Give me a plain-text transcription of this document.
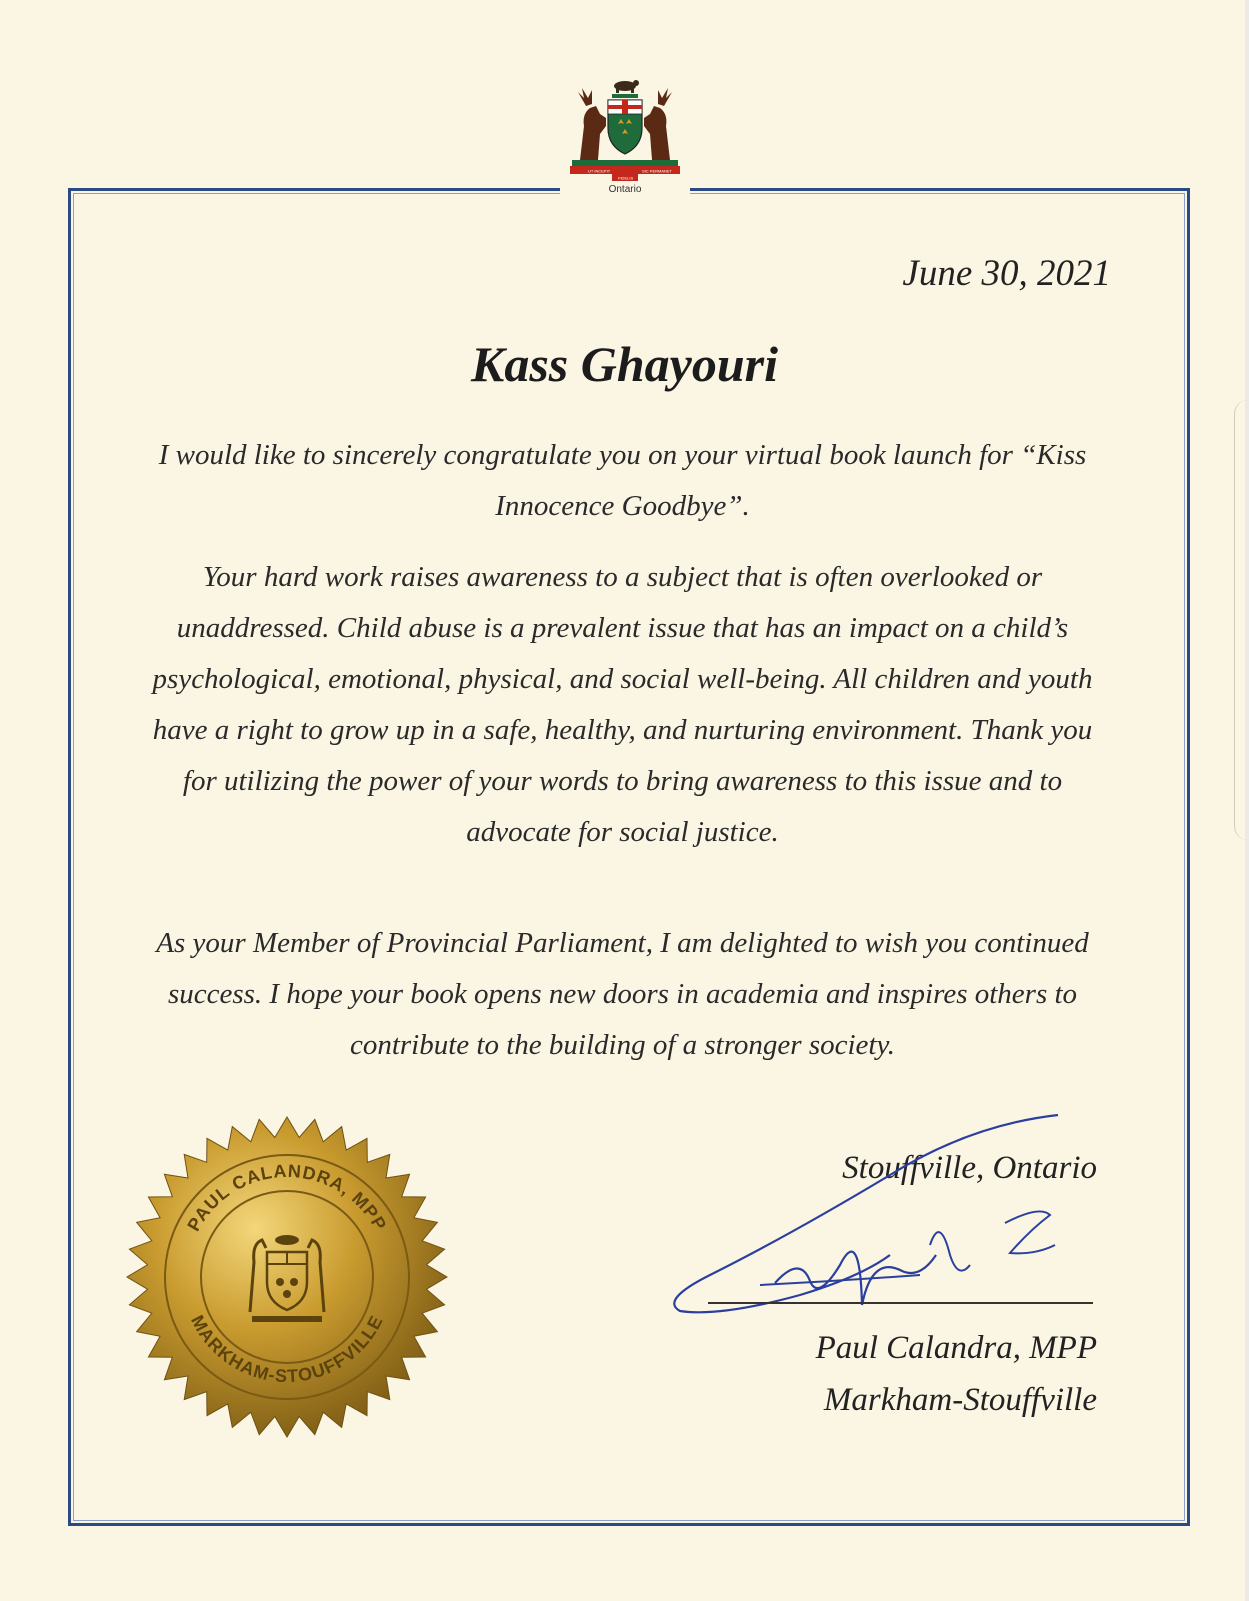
UT INCEPIT	SIC PERMANET
FIDELIS
Ontario
June 30, 2021
Kass Ghayouri
I would like to sincerely congratulate you on your virtual book launch for “Kiss Innocence Goodbye”.
Your hard work raises awareness to a subject that is often overlooked or unaddressed. Child abuse is a prevalent issue that has an impact on a child’s psychological, emotional, physical, and social well-being. All children and youth have a right to grow up in a safe, healthy, and nurturing environment. Thank you for utilizing the power of your words to bring awareness to this issue and to advocate for social justice.
As your Member of Provincial Parliament, I am delighted to wish you continued success. I hope your book opens new doors in academia and inspires others to contribute to the building of a stronger society.
Stouffville, Ontario
Paul Calandra, MPP
Markham-Stouffville
PAUL CALANDRA, MPP
MARKHAM-STOUFFVILLE
